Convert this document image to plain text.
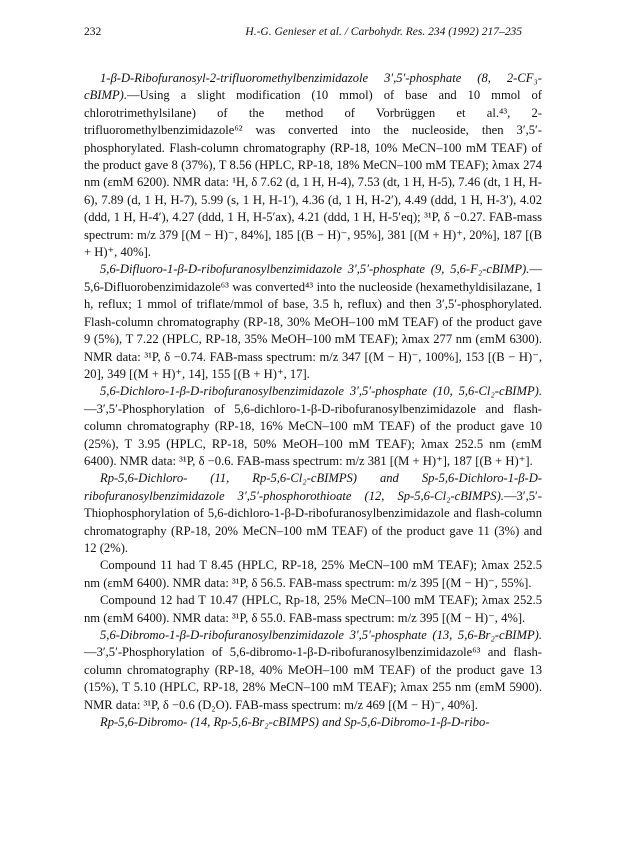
232	H.-G. Genieser et al. / Carbohydr. Res. 234 (1992) 217–235

1-β-D-Ribofuranosyl-2-trifluoromethylbenzimidazole 3′,5′-phosphate (8, 2-CF₃-cBIMP).—Using a slight modification (10 mmol) of base and 10 mmol of chlorotrimethylsilane) of the method of Vorbrüggen et al.⁴³, 2-trifluoromethylbenzimidazole⁶² was converted into the nucleoside, then 3′,5′-phosphorylated. Flash-column chromatography (RP-18, 10% MeCN–100 mM TEAF) of the product gave 8 (37%), T 8.56 (HPLC, RP-18, 18% MeCN–100 mM TEAF); λmax 274 nm (εmM 6200). NMR data: ¹H, δ 7.62 (d, 1 H, H-4), 7.53 (dt, 1 H, H-5), 7.46 (dt, 1 H, H-6), 7.89 (d, 1 H, H-7), 5.99 (s, 1 H, H-1′), 4.36 (d, 1 H, H-2′), 4.49 (ddd, 1 H, H-3′), 4.02 (ddd, 1 H, H-4′), 4.27 (ddd, 1 H, H-5′ax), 4.21 (ddd, 1 H, H-5′eq); ³¹P, δ −0.27. FAB-mass spectrum: m/z 379 [(M − H)⁻, 84%], 185 [(B − H)⁻, 95%], 381 [(M + H)⁺, 20%], 187 [(B + H)⁺, 40%].

5,6-Difluoro-1-β-D-ribofuranosylbenzimidazole 3′,5′-phosphate (9, 5,6-F₂-cBIMP).—5,6-Difluorobenzimidazole⁶³ was converted⁴³ into the nucleoside (hexamethyldisilazane, 1 h, reflux; 1 mmol of triflate/mmol of base, 3.5 h, reflux) and then 3′,5′-phosphorylated. Flash-column chromatography (RP-18, 30% MeOH–100 mM TEAF) of the product gave 9 (5%), T 7.22 (HPLC, RP-18, 35% MeOH–100 mM TEAF); λmax 277 nm (εmM 6300). NMR data: ³¹P, δ −0.74. FAB-mass spectrum: m/z 347 [(M − H)⁻, 100%], 153 [(B − H)⁻, 20], 349 [(M + H)⁺, 14], 155 [(B + H)⁺, 17].

5,6-Dichloro-1-β-D-ribofuranosylbenzimidazole 3′,5′-phosphate (10, 5,6-Cl₂-cBIMP).—3′,5′-Phosphorylation of 5,6-dichloro-1-β-D-ribofuranosylbenzimidazole and flash-column chromatography (RP-18, 16% MeCN–100 mM TEAF) of the product gave 10 (25%), T 3.95 (HPLC, RP-18, 50% MeOH–100 mM TEAF); λmax 252.5 nm (εmM 6400). NMR data: ³¹P, δ −0.6. FAB-mass spectrum: m/z 381 [(M + H)⁺], 187 [(B + H)⁺].

Rp-5,6-Dichloro- (11, Rp-5,6-Cl₂-cBIMPS) and Sp-5,6-Dichloro-1-β-D-ribofuranosylbenzimidazole 3′,5′-phosphorothioate (12, Sp-5,6-Cl₂-cBIMPS).—3′,5′-Thiophosphorylation of 5,6-dichloro-1-β-D-ribofuranosylbenzimidazole and flash-column chromatography (RP-18, 20% MeCN–100 mM TEAF) of the product gave 11 (3%) and 12 (2%).

Compound 11 had T 8.45 (HPLC, RP-18, 25% MeCN–100 mM TEAF); λmax 252.5 nm (εmM 6400). NMR data: ³¹P, δ 56.5. FAB-mass spectrum: m/z 395 [(M − H)⁻, 55%].

Compound 12 had T 10.47 (HPLC, Rp-18, 25% MeCN–100 mM TEAF); λmax 252.5 nm (εmM 6400). NMR data: ³¹P, δ 55.0. FAB-mass spectrum: m/z 395 [(M − H)⁻, 4%].

5,6-Dibromo-1-β-D-ribofuranosylbenzimidazole 3′,5′-phosphate (13, 5,6-Br₂-cBIMP).—3′,5′-Phosphorylation of 5,6-dibromo-1-β-D-ribofuranosylbenzimidazole⁶³ and flash-column chromatography (RP-18, 40% MeOH–100 mM TEAF) of the product gave 13 (15%), T 5.10 (HPLC, RP-18, 28% MeCN–100 mM TEAF); λmax 255 nm (εmM 5900). NMR data: ³¹P, δ −0.6 (D₂O). FAB-mass spectrum: m/z 469 [(M − H)⁻, 40%].

Rp-5,6-Dibromo- (14, Rp-5,6-Br₂-cBIMPS) and Sp-5,6-Dibromo-1-β-D-ribo-
